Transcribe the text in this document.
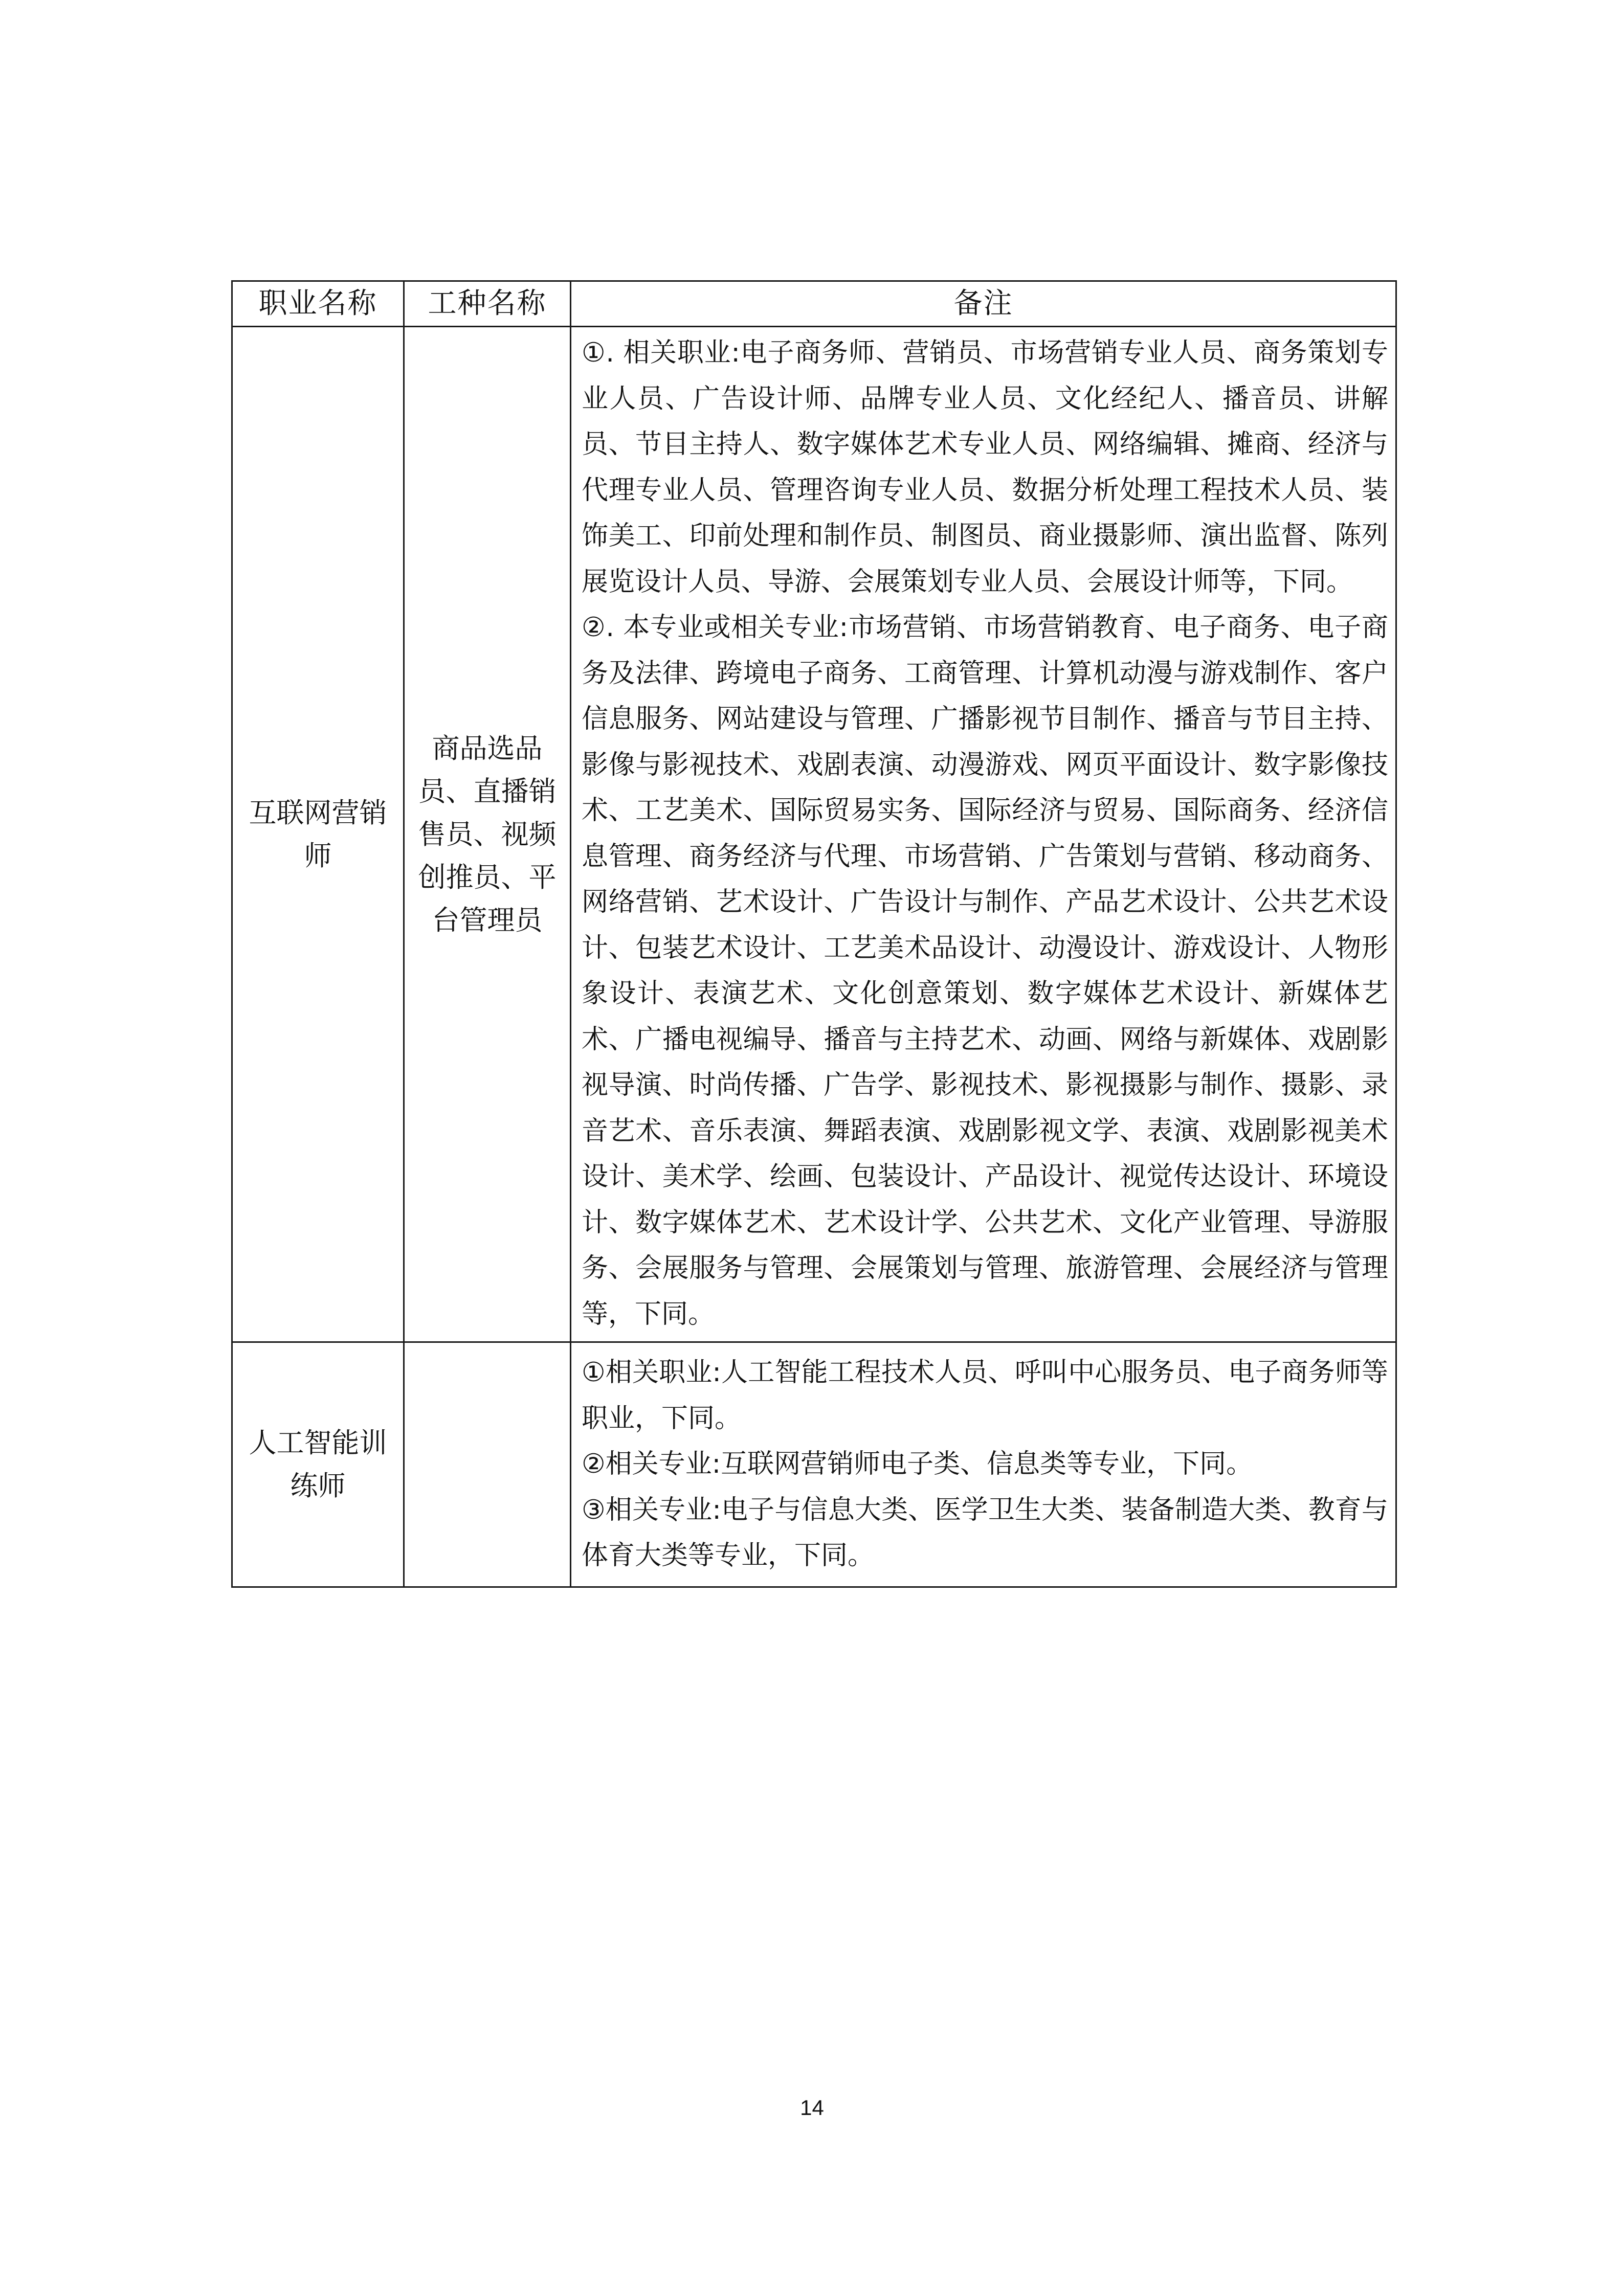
职业名称	工种名称	备注
互联网营销师	商品选品员、直播销售员、视频创推员、平台管理员	①. 相关职业:电子商务师、营销员、市场营销专业人员、商务策划专业人员、广告设计师、品牌专业人员、文化经纪人、播音员、讲解员、节目主持人、数字媒体艺术专业人员、网络编辑、摊商、经济与代理专业人员、管理咨询专业人员、数据分析处理工程技术人员、装饰美工、印前处理和制作员、制图员、商业摄影师、演出监督、陈列展览设计人员、导游、会展策划专业人员、会展设计师等，下同。

②. 本专业或相关专业:市场营销、市场营销教育、电子商务、电子商务及法律、跨境电子商务、工商管理、计算机动漫与游戏制作、客户信息服务、网站建设与管理、广播影视节目制作、播音与节目主持、影像与影视技术、戏剧表演、动漫游戏、网页平面设计、数字影像技术、工艺美术、国际贸易实务、国际经济与贸易、国际商务、经济信息管理、商务经济与代理、市场营销、广告策划与营销、移动商务、网络营销、艺术设计、广告设计与制作、产品艺术设计、公共艺术设计、包装艺术设计、工艺美术品设计、动漫设计、游戏设计、人物形象设计、表演艺术、文化创意策划、数字媒体艺术设计、新媒体艺术、广播电视编导、播音与主持艺术、动画、网络与新媒体、戏剧影视导演、时尚传播、广告学、影视技术、影视摄影与制作、摄影、录音艺术、音乐表演、舞蹈表演、戏剧影视文学、表演、戏剧影视美术设计、美术学、绘画、包装设计、产品设计、视觉传达设计、环境设计、数字媒体艺术、艺术设计学、公共艺术、文化产业管理、导游服务、会展服务与管理、会展策划与管理、旅游管理、会展经济与管理等，下同。

人工智能训练师		①相关职业:人工智能工程技术人员、呼叫中心服务员、电子商务师等职业，下同。

②相关专业:互联网营销师电子类、信息类等专业，下同。

③相关专业:电子与信息大类、医学卫生大类、装备制造大类、教育与体育大类等专业，下同。

14
